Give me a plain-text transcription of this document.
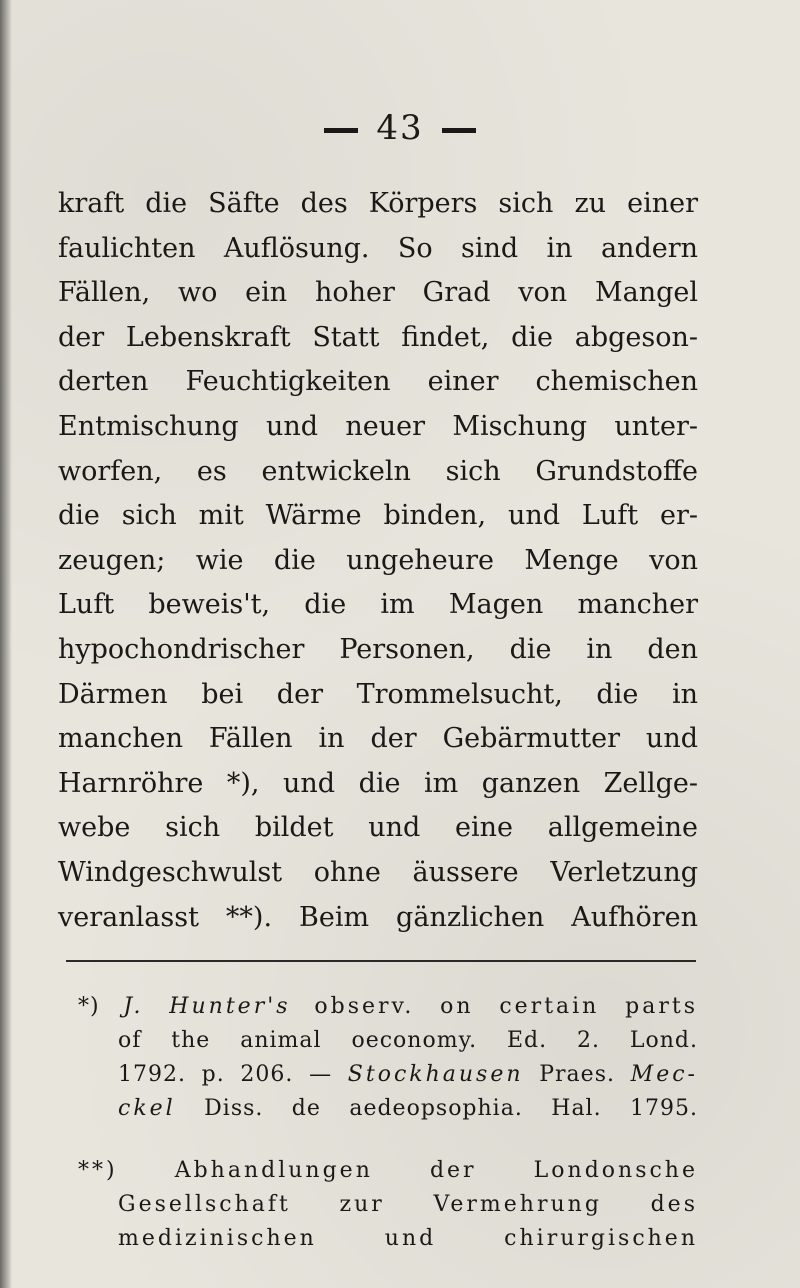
43
kraft die Säfte des Körpers sich zu einer
faulichten Auflösung. So sind in andern
Fällen, wo ein hoher Grad von Mangel
der Lebenskraft Statt findet, die abgeson-
derten Feuchtigkeiten einer chemischen
Entmischung und neuer Mischung unter-
worfen, es entwickeln sich Grundstoffe
die sich mit Wärme binden, und Luft er-
zeugen; wie die ungeheure Menge von
Luft beweis't, die im Magen mancher
hypochondrischer Personen, die in den
Därmen bei der Trommelsucht, die in
manchen Fällen in der Gebärmutter und
Harnröhre *), und die im ganzen Zellge-
webe sich bildet und eine allgemeine
Windgeschwulst ohne äussere Verletzung
veranlasst **). Beim gänzlichen Aufhören
*) J. Hunter's observ. on certain parts
of the animal oeconomy. Ed. 2. Lond.
1792. p. 206. — Stockhausen Praes. Mec-
ckel Diss. de aedeopsophia. Hal. 1795.
**)	Abhandlungen der Londonsche
Gesellschaft zur Vermehrung des
medizinischen und chirurgischen
